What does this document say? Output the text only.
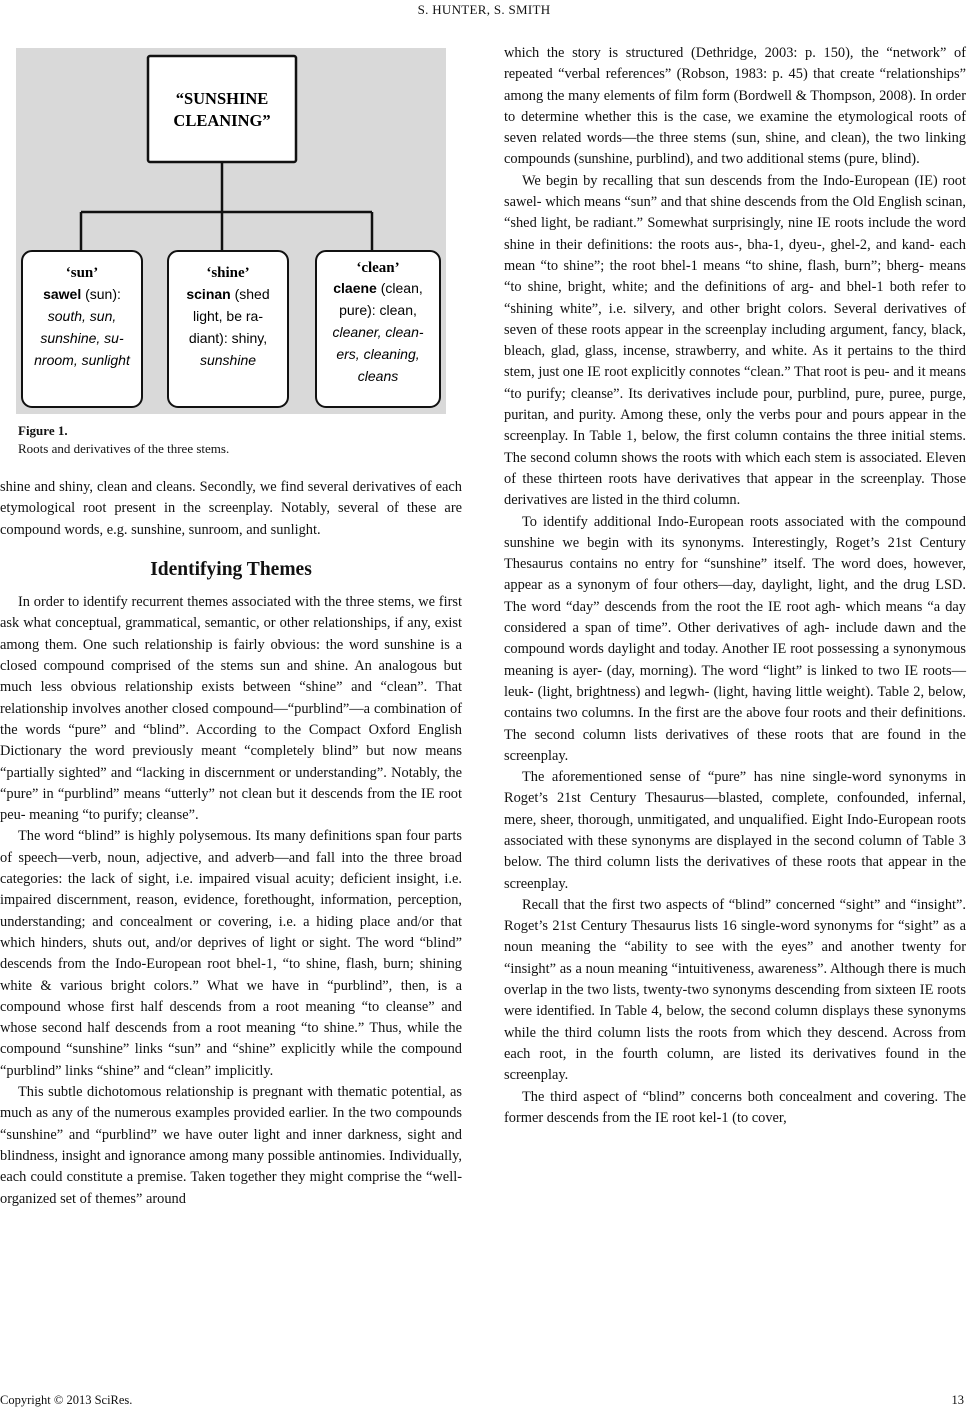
S. HUNTER, S. SMITH
“SUNSHINE
CLEANING”
‘sun’
sawel (sun):
south, sun,
sunshine, su-
nroom, sunlight
‘shine’
scinan (shed
light, be ra-
diant): shiny,
sunshine
‘clean’
claene (clean,
pure): clean,
cleaner, clean-
ers, cleaning,
cleans
Figure 1.
Roots and derivatives of the three stems.

shine and shiny, clean and cleans. Secondly, we find several derivatives of each etymological root present in the screenplay. Notably, several of these are compound words, e.g. sunshine, sunroom, and sunlight.

Identifying Themes

In order to identify recurrent themes associated with the three stems, we first ask what conceptual, grammatical, semantic, or other relationships, if any, exist among them. One such relationship is fairly obvious: the word sunshine is a closed compound comprised of the stems sun and shine. An analogous but much less obvious relationship exists between “shine” and “clean”. That relationship involves another closed compound—“purblind”—a combination of the words “pure” and “blind”. According to the Compact Oxford English Dictionary the word previously meant “completely blind” but now means “partially sighted” and “lacking in discernment or understanding”. Notably, the “pure” in “purblind” means “utterly” not clean but it descends from the IE root peu- meaning “to purify; cleanse”.

The word “blind” is highly polysemous. Its many definitions span four parts of speech—verb, noun, adjective, and adverb—and fall into the three broad categories: the lack of sight, i.e. impaired visual acuity; deficient insight, i.e. impaired discernment, reason, evidence, forethought, information, perception, understanding; and concealment or covering, i.e. a hiding place and/or that which hinders, shuts out, and/or deprives of light or sight. The word “blind” descends from the Indo-European root bhel-1, “to shine, flash, burn; shining white & various bright colors.” What we have in “purblind”, then, is a compound whose first half descends from a root meaning “to cleanse” and whose second half descends from a root meaning “to shine.” Thus, while the compound “sunshine” links “sun” and “shine” explicitly while the compound “purblind” links “shine” and “clean” implicitly.

This subtle dichotomous relationship is pregnant with thematic potential, as much as any of the numerous examples provided earlier. In the two compounds “sunshine” and “purblind” we have outer light and inner darkness, sight and blindness, insight and ignorance among many possible antinomies. Individually, each could constitute a premise. Taken together they might comprise the “well-organized set of themes” around

which the story is structured (Dethridge, 2003: p. 150), the “network” of repeated “verbal references” (Robson, 1983: p. 45) that create “relationships” among the many elements of film form (Bordwell & Thompson, 2008). In order to determine whether this is the case, we examine the etymological roots of seven related words—the three stems (sun, shine, and clean), the two linking compounds (sunshine, purblind), and two additional stems (pure, blind).

We begin by recalling that sun descends from the Indo-European (IE) root sawel- which means “sun” and that shine descends from the Old English scinan, “shed light, be radiant.” Somewhat surprisingly, nine IE roots include the word shine in their definitions: the roots aus-, bha-1, dyeu-, ghel-2, and kand- each mean “to shine”; the root bhel-1 means “to shine, flash, burn”; bherg- means “to shine, bright, white; and the definitions of arg- and bhel-1 both refer to “shining white”, i.e. silvery, and other bright colors. Several derivatives of seven of these roots appear in the screenplay including argument, fancy, black, bleach, glad, glass, incense, strawberry, and white. As it pertains to the third stem, just one IE root explicitly connotes “clean.” That root is peu- and it means “to purify; cleanse”. Its derivatives include pour, purblind, pure, puree, purge, puritan, and purity. Among these, only the verbs pour and pours appear in the screenplay. In Table 1, below, the first column contains the three initial stems. The second column shows the roots with which each stem is associated. Eleven of these thirteen roots have derivatives that appear in the screenplay. Those derivatives are listed in the third column.

To identify additional Indo-European roots associated with the compound sunshine we begin with its synonyms. Interestingly, Roget’s 21st Century Thesaurus contains no entry for “sunshine” itself. The word does, however, appear as a synonym of four others—day, daylight, light, and the drug LSD. The word “day” descends from the root the IE root agh- which means “a day considered a span of time”. Other derivatives of agh- include dawn and the compound words daylight and today. Another IE root possessing a synonymous meaning is ayer- (day, morning). The word “light” is linked to two IE roots—leuk- (light, brightness) and legwh- (light, having little weight). Table 2, below, contains two columns. In the first are the above four roots and their definitions. The second column lists derivatives of these roots that are found in the screenplay.

The aforementioned sense of “pure” has nine single-word synonyms in Roget’s 21st Century Thesaurus—blasted, complete, confounded, infernal, mere, sheer, thorough, unmitigated, and unqualified. Eight Indo-European roots associated with these synonyms are displayed in the second column of Table 3 below. The third column lists the derivatives of these roots that appear in the screenplay.

Recall that the first two aspects of “blind” concerned “sight” and “insight”. Roget’s 21st Century Thesaurus lists 16 single-word synonyms for “sight” as a noun meaning the “ability to see with the eyes” and another twenty for “insight” as a noun meaning “intuitiveness, awareness”. Although there is much overlap in the two lists, twenty-two synonyms descending from sixteen IE roots were identified. In Table 4, below, the second column displays these synonyms while the third column lists the roots from which they descend. Across from each root, in the fourth column, are listed its derivatives found in the screenplay.

The third aspect of “blind” concerns both concealment and covering. The former descends from the IE root kel-1 (to cover,

Copyright © 2013 SciRes.	13
